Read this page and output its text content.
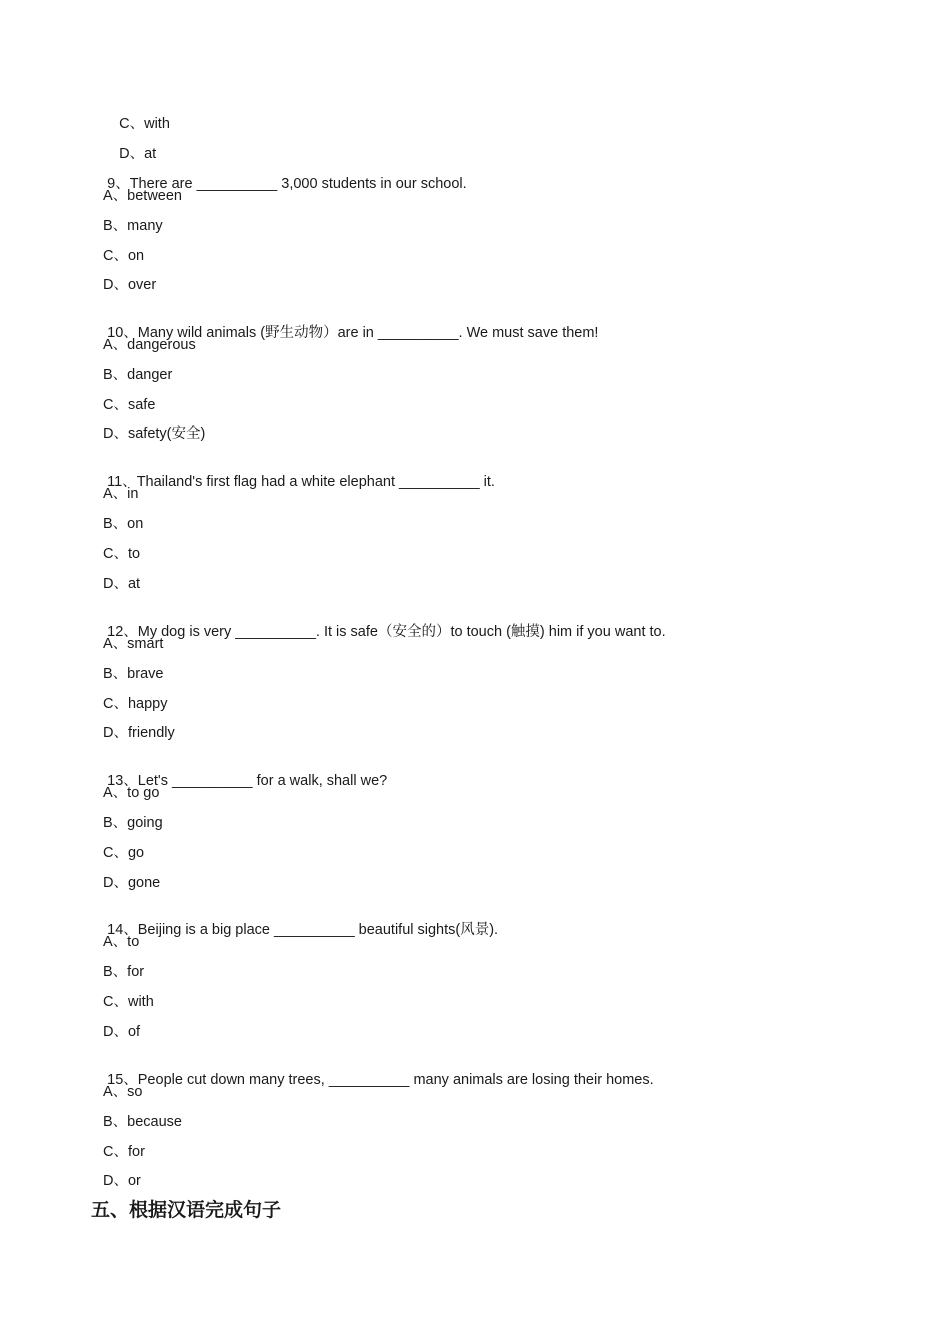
C、with

D、at

9、There are __________ 3,000 students in our school.

A、between
B、many
C、on
D、over

10、Many wild animals (野生动物）are in __________. We must save them!

A、dangerous
B、danger
C、safe
D、safety(安全)

11、Thailand's first flag had a white elephant __________ it.

A、in
B、on
C、to
D、at

12、My dog is very __________. It is safe（安全的）to touch (触摸) him if you want to.

A、smart
B、brave
C、happy
D、friendly

13、Let's __________ for a walk, shall we?

A、to go
B、going
C、go
D、gone

14、Beijing is a big place __________ beautiful sights(风景).

A、to
B、for
C、with
D、of

15、People cut down many trees, __________ many animals are losing their homes.

A、so
B、because
C、for
D、or
五、根据汉语完成句子
